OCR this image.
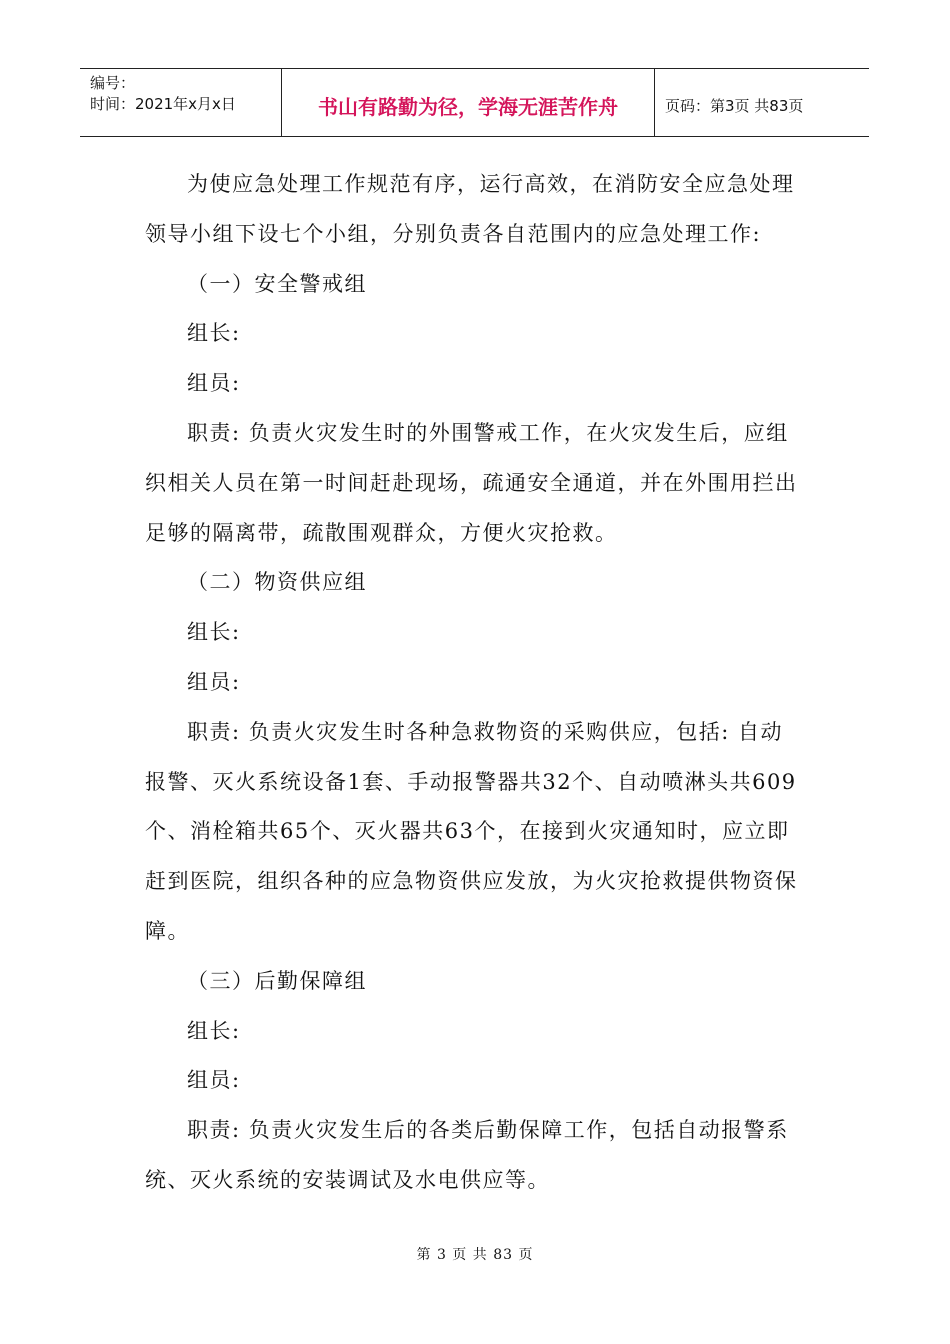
编号：
时间：2021年x月x日	书山有路勤为径，学海无涯苦作舟	页码：第3页 共83页

为使应急处理工作规范有序，运行高效，在消防安全应急处理领导小组下设七个小组，分别负责各自范围内的应急处理工作:

（一）安全警戒组

组长:

组员:

职责: 负责火灾发生时的外围警戒工作，在火灾发生后，应组织相关人员在第一时间赶赴现场，疏通安全通道，并在外围用拦出足够的隔离带，疏散围观群众，方便火灾抢救。

（二）物资供应组

组长:

组员:

职责: 负责火灾发生时各种急救物资的采购供应，包括: 自动报警、灭火系统设备1套、手动报警器共32个、自动喷淋头共609个、消栓箱共65个、灭火器共63个，在接到火灾通知时，应立即赶到医院，组织各种的应急物资供应发放，为火灾抢救提供物资保障。

（三）后勤保障组

组长:

组员:

职责: 负责火灾发生后的各类后勤保障工作，包括自动报警系统、灭火系统的安装调试及水电供应等。

第 3 页 共 83 页
